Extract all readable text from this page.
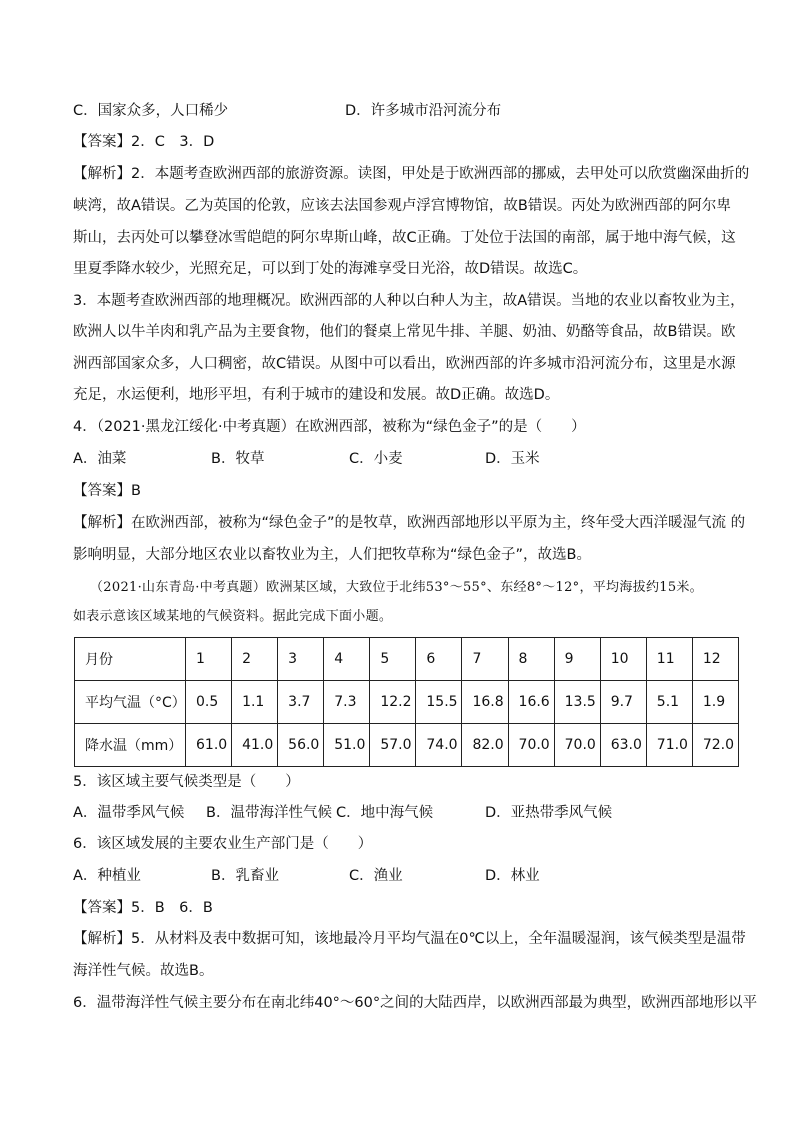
C．国家众多，人口稀少	D．许多城市沿河流分布
【答案】2．C　3．D
【解析】2．本题考查欧洲西部的旅游资源。读图，甲处是于欧洲西部的挪威，去甲处可以欣赏幽深曲折的
峡湾，故A错误。乙为英国的伦敦，应该去法国参观卢浮宫博物馆，故B错误。丙处为欧洲西部的阿尔卑
斯山，去丙处可以攀登冰雪皑皑的阿尔卑斯山峰，故C正确。丁处位于法国的南部，属于地中海气候，这
里夏季降水较少，光照充足，可以到丁处的海滩享受日光浴，故D错误。故选C。
3．本题考查欧洲西部的地理概况。欧洲西部的人种以白种人为主，故A错误。当地的农业以畜牧业为主，
欧洲人以牛羊肉和乳产品为主要食物，他们的餐桌上常见牛排、羊腿、奶油、奶酪等食品，故B错误。欧
洲西部国家众多，人口稠密，故C错误。从图中可以看出，欧洲西部的许多城市沿河流分布，这里是水源
充足，水运便利，地形平坦，有利于城市的建设和发展。故D正确。故选D。
4．（2021·黑龙江绥化·中考真题）在欧洲西部，被称为“绿色金子”的是（　　）
A．油菜	B．牧草	C．小麦	D．玉米
【答案】B
【解析】在欧洲西部，被称为“绿色金子”的是牧草，欧洲西部地形以平原为主，终年受大西洋暖湿气流 的
影响明显，大部分地区农业以畜牧业为主，人们把牧草称为“绿色金子”，故选B。
（2021·山东青岛·中考真题）欧洲某区域，大致位于北纬53°～55°、东经8°～12°，平均海拔约15米。
如表示意该区域某地的气候资料。据此完成下面小题。
月份	1	2	3	4	5	6	7	8	9	10	11	12
平均气温（°C）	0.5	1.1	3.7	7.3	12.2	15.5	16.8	16.6	13.5	9.7	5.1	1.9
降水温（mm）	61.0	41.0	56.0	51.0	57.0	74.0	82.0	70.0	70.0	63.0	71.0	72.0
5．该区域主要气候类型是（　　）
A．温带季风气候 B．温带海洋性气候 C．地中海气候	D．亚热带季风气候
6．该区域发展的主要农业生产部门是（　　）
A．种植业	B．乳畜业	C．渔业	D．林业
【答案】5．B　6．B
【解析】5．从材料及表中数据可知，该地最冷月平均气温在0℃以上，全年温暖湿润，该气候类型是温带
海洋性气候。故选B。
6．温带海洋性气候主要分布在南北纬40°～60°之间的大陆西岸，以欧洲西部最为典型，欧洲西部地形以平
